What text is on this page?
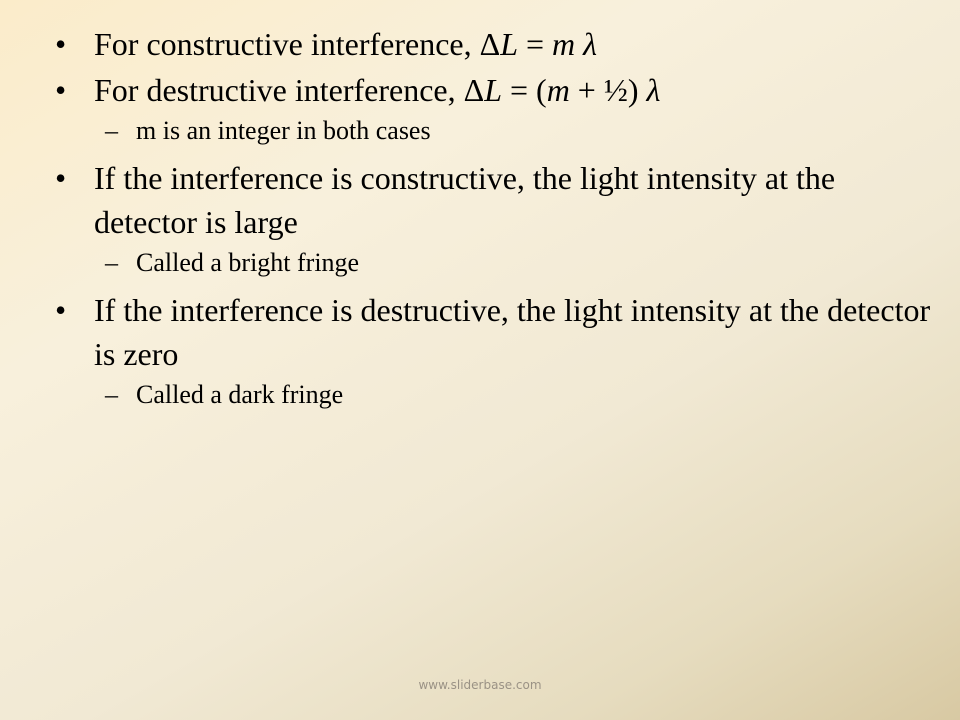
• For constructive interference, ΔL = m λ
• For destructive interference, ΔL = (m + ½) λ
– m is an integer in both cases
• If the interference is constructive, the light intensity at the detector is large
– Called a bright fringe
• If the interference is destructive, the light intensity at the detector is zero
– Called a dark fringe
www.sliderbase.com
